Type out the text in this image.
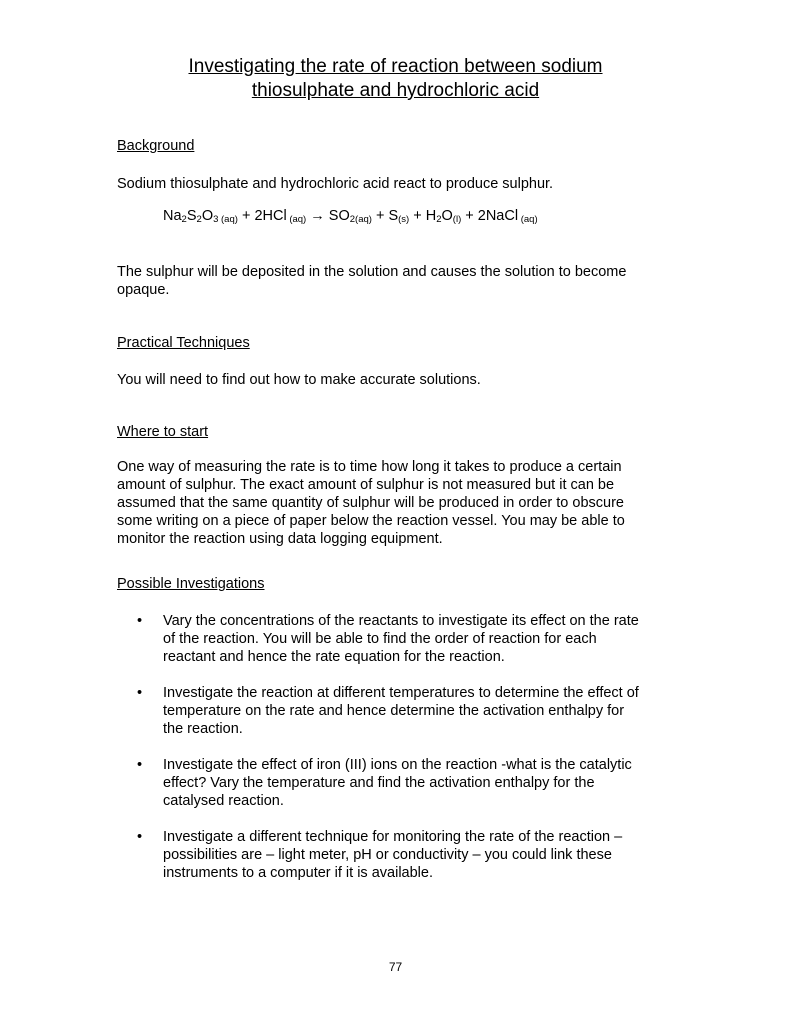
Investigating the rate of reaction between sodium
thiosulphate and hydrochloric acid
Background

Sodium thiosulphate and hydrochloric acid react to produce sulphur.

$Na_2S_2O_{3 (aq)} + 2HCl$ $(aq) \to SO_{2(aq)} + S_{(s)} + H_2O_{(l)}$ + 2NaCl (aq)

The sulphur will be deposited in the solution and causes the solution to become
opaque.

Practical Techniques

You will need to find out how to make accurate solutions.

Where to start

One way of measuring the rate is to time how long it takes to produce a certain
amount of sulphur. The exact amount of sulphur is not measured but it can be
assumed that the same quantity of sulphur will be produced in order to obscure
some writing on a piece of paper below the reaction vessel. You may be able to
monitor the reaction using data logging equipment.

Possible Investigations
• Vary the concentrations of the reactants to investigate its effect on the rate
of the reaction. You will be able to find the order of reaction for each
reactant and hence the rate equation for the reaction.
• Investigate the reaction at different temperatures to determine the effect of
temperature on the rate and hence determine the activation enthalpy for
the reaction.
• Investigate the effect of iron (III) ions on the reaction -what is the catalytic
effect? Vary the temperature and find the activation enthalpy for the
catalysed reaction.
• Investigate a different technique for monitoring the rate of the reaction –
possibilities are – light meter, pH or conductivity – you could link these
instruments to a computer if it is available.
77
